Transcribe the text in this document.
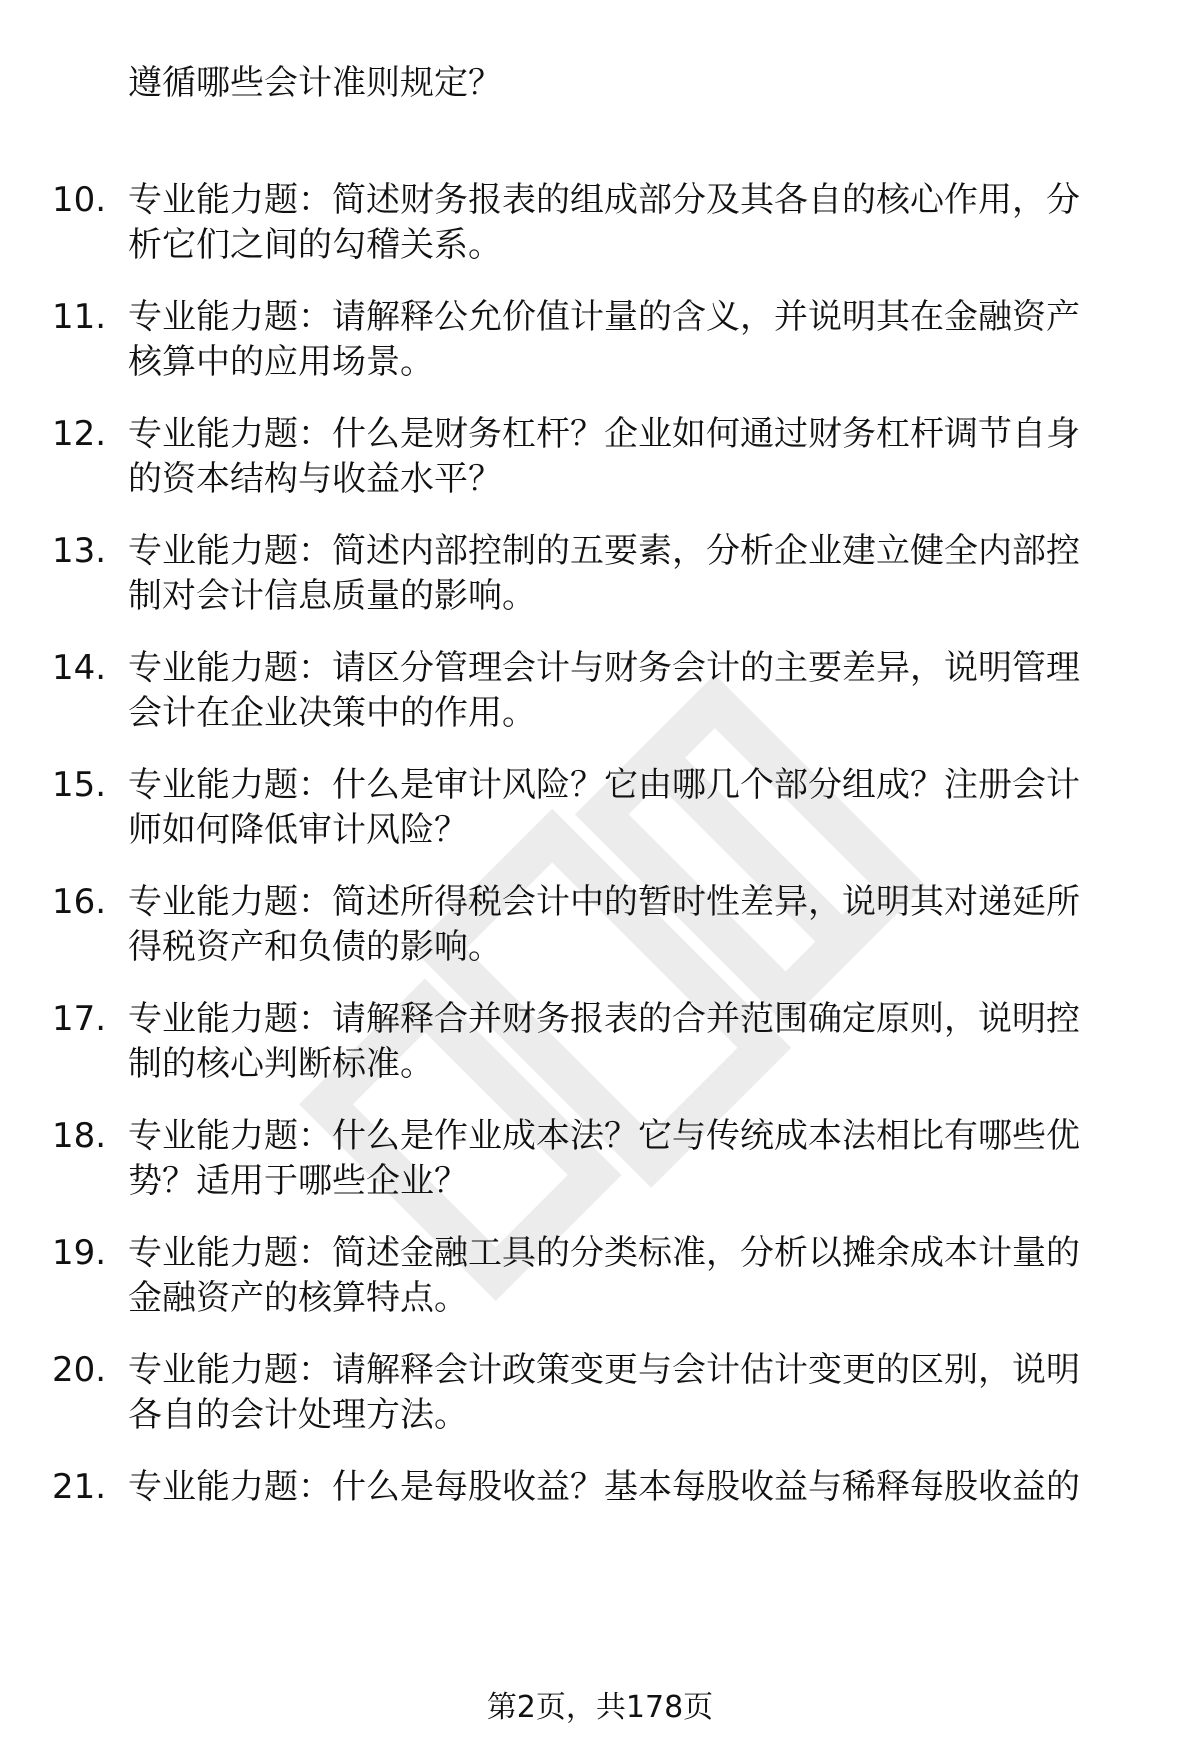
遵循哪些会计准则规定？
10. 专业能力题：简述财务报表的组成部分及其各自的核心作用，分
析它们之间的勾稽关系。
11. 专业能力题：请解释公允价值计量的含义，并说明其在金融资产
核算中的应用场景。
12. 专业能力题：什么是财务杠杆？企业如何通过财务杠杆调节自身
的资本结构与收益水平？
13. 专业能力题：简述内部控制的五要素，分析企业建立健全内部控
制对会计信息质量的影响。
14. 专业能力题：请区分管理会计与财务会计的主要差异，说明管理
会计在企业决策中的作用。
15. 专业能力题：什么是审计风险？它由哪几个部分组成？注册会计
师如何降低审计风险？
16. 专业能力题：简述所得税会计中的暂时性差异，说明其对递延所
得税资产和负债的影响。
17. 专业能力题：请解释合并财务报表的合并范围确定原则，说明控
制的核心判断标准。
18. 专业能力题：什么是作业成本法？它与传统成本法相比有哪些优
势？适用于哪些企业？
19. 专业能力题：简述金融工具的分类标准，分析以摊余成本计量的
金融资产的核算特点。
20. 专业能力题：请解释会计政策变更与会计估计变更的区别，说明
各自的会计处理方法。
21. 专业能力题：什么是每股收益？基本每股收益与稀释每股收益的
第2页，共178页
